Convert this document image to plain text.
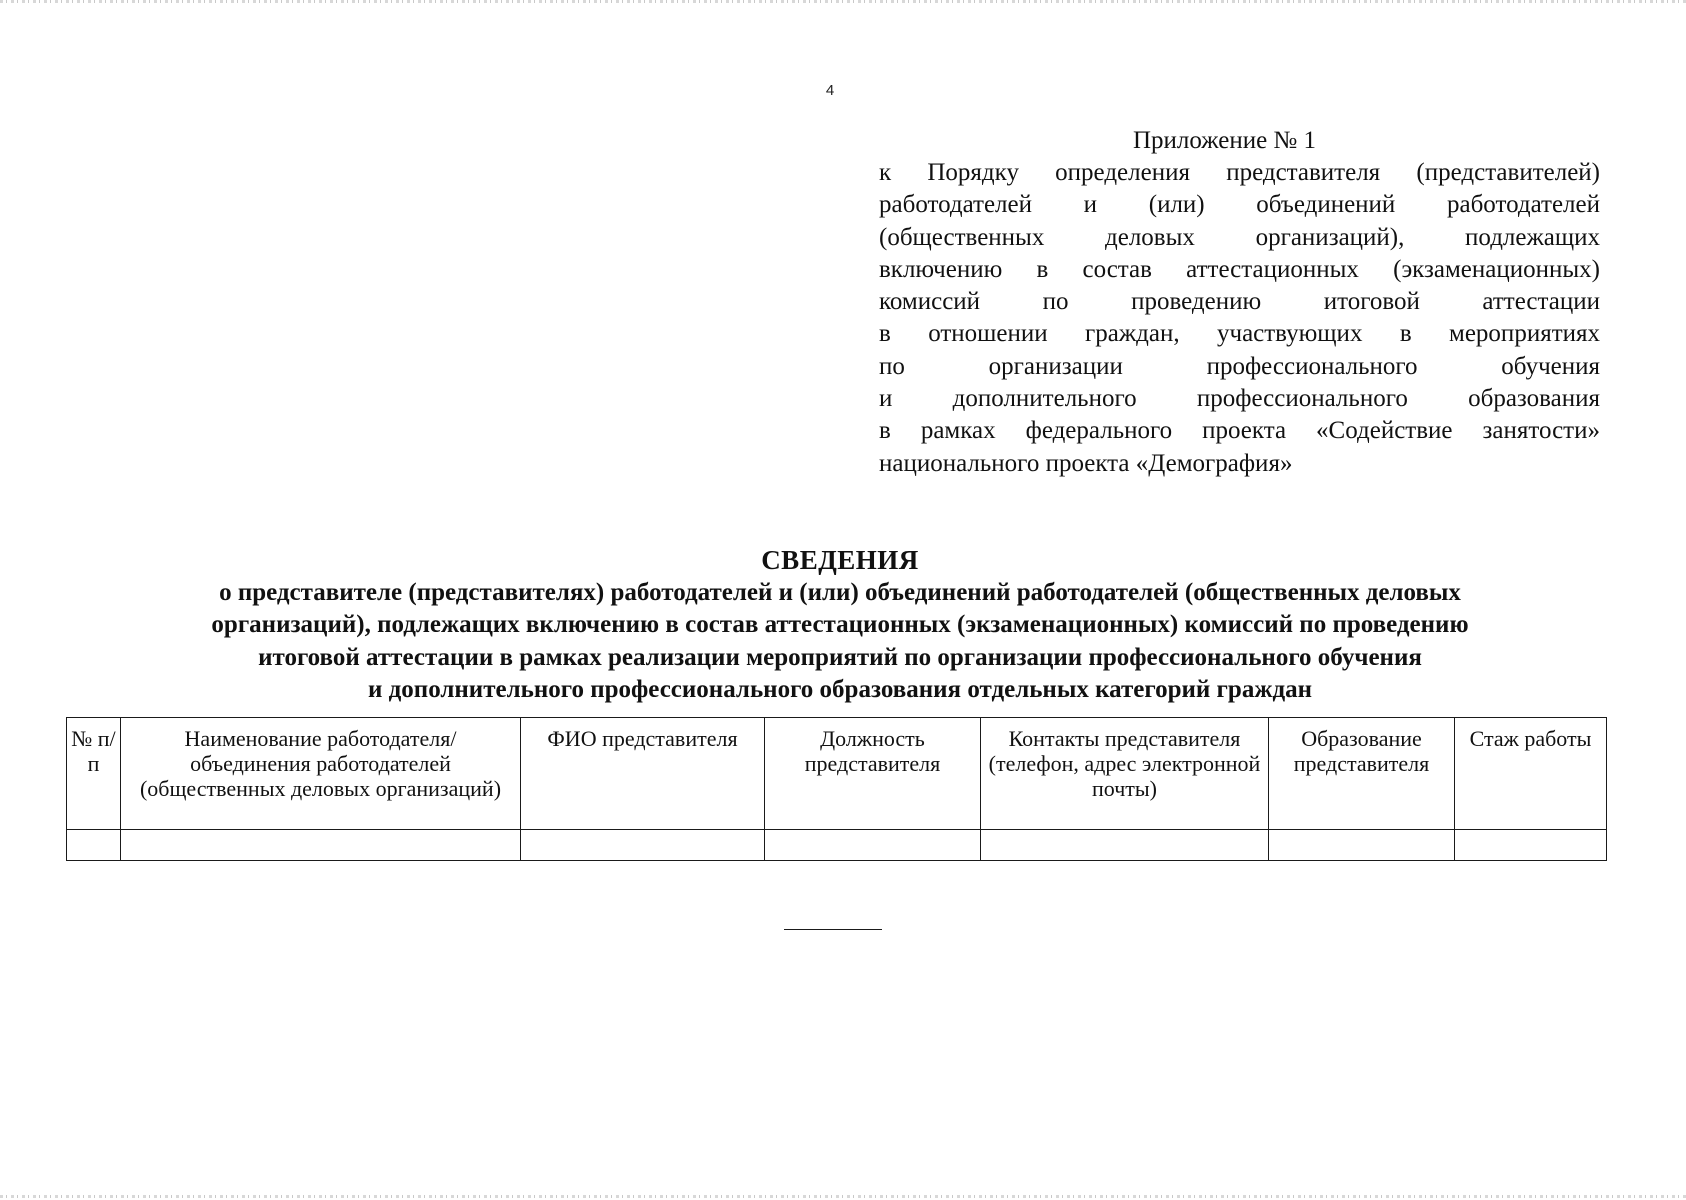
4
Приложение № 1
к Порядку определения представителя (представителей)
работодателей и (или) объединений работодателей
(общественных деловых организаций), подлежащих
включению в состав аттестационных (экзаменационных)
комиссий по проведению итоговой аттестации
в отношении граждан, участвующих в мероприятиях
по организации профессионального обучения
и дополнительного профессионального образования
в рамках федерального проекта «Содействие занятости»
национального проекта «Демография»
СВЕДЕНИЯ
о представителе (представителях) работодателей и (или) объединений работодателей (общественных деловых
организаций), подлежащих включению в состав аттестационных (экзаменационных) комиссий по проведению
итоговой аттестации в рамках реализации мероприятий по организации профессионального обучения
и дополнительного профессионального образования отдельных категорий граждан
№ п/п	Наименование работодателя/объединения работодателей (общественных деловых организаций)	ФИО представителя	Должность представителя	Контакты представителя (телефон, адрес электронной почты)	Образование представителя	Стаж работы
